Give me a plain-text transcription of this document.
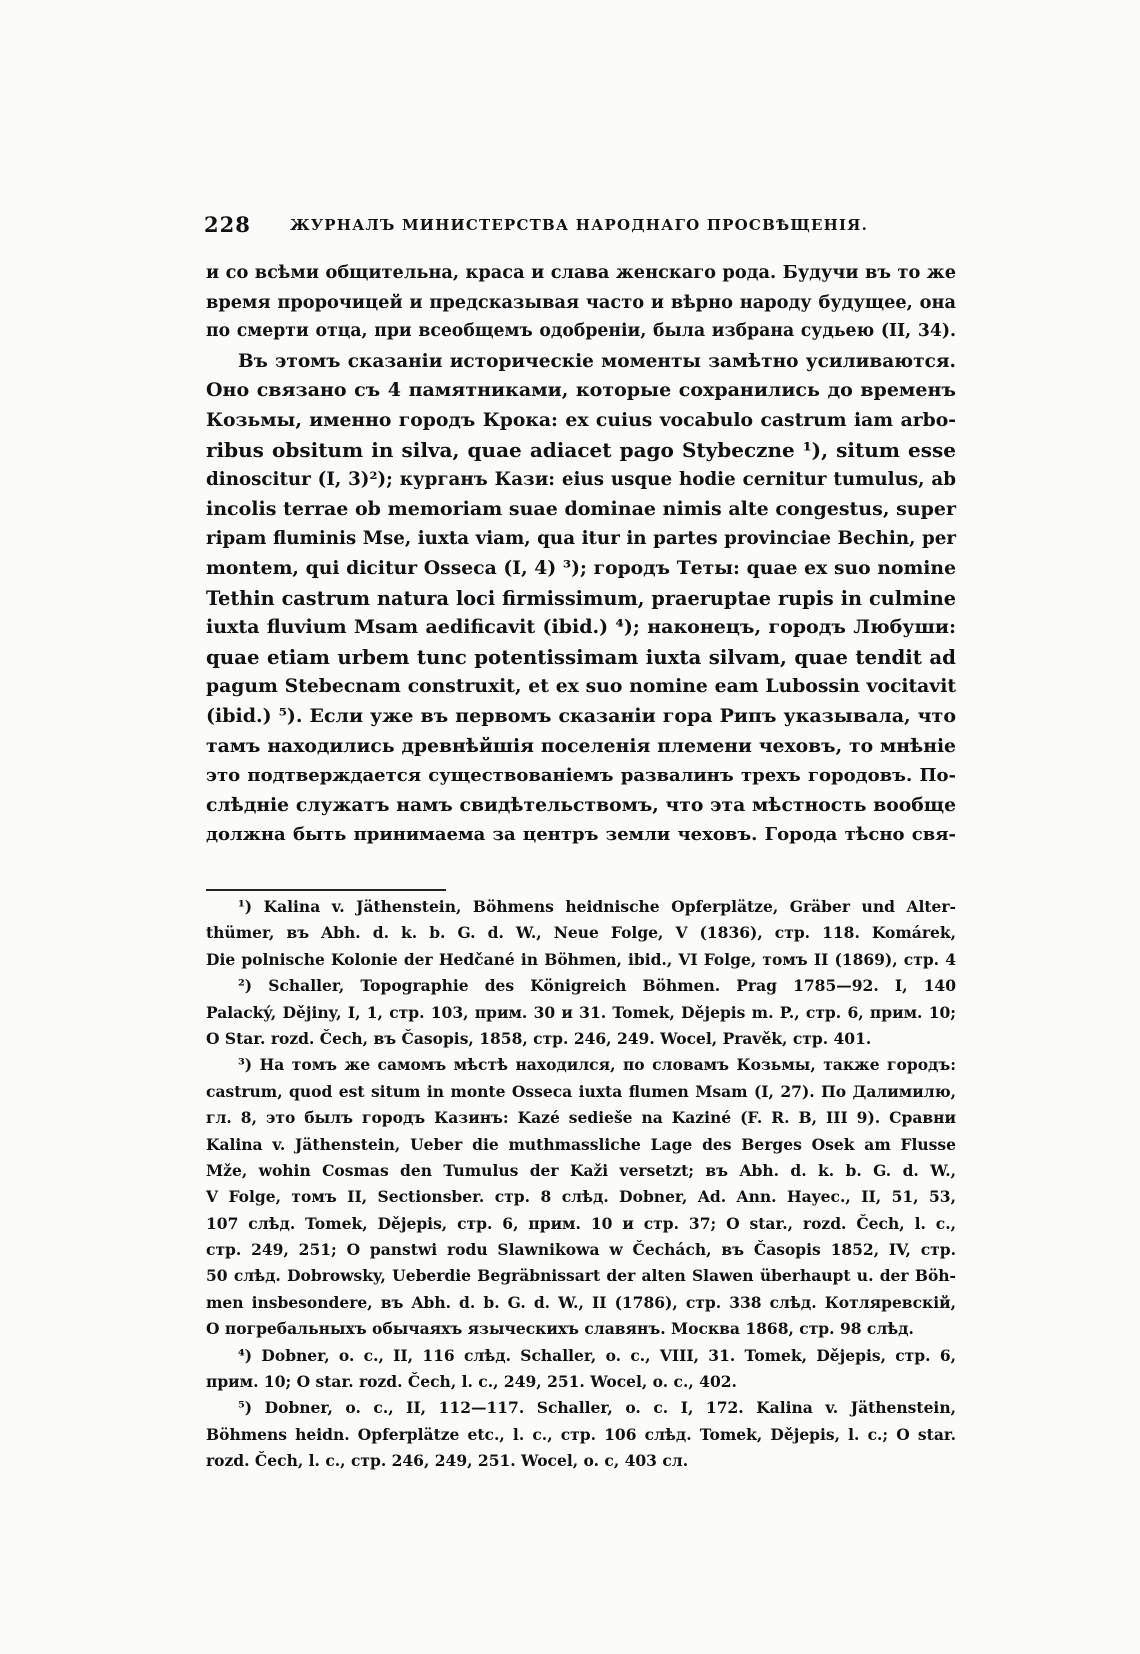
228	ЖУРНАЛЪ МИНИСТЕРСТВА НАРОДНАГО ПРОСВѢЩЕНІЯ.
и со всѣми общительна, краса и слава женскаго рода. Будучи въ то же
время пророчицей и предсказывая часто и вѣрно народу будущее, она
по смерти отца, при всеобщемъ одобреніи, была избрана судьею (II, 34).
Въ этомъ сказаніи историческіе моменты замѣтно усиливаются.
Оно связано съ 4 памятниками, которые сохранились до временъ
Козьмы, именно городъ Крока: ex cuius vocabulo castrum iam arbo-
ribus obsitum in silva, quae adiacet pago Stybeczne ¹), situm esse
dinoscitur (I, 3)²); курганъ Кази: eius usque hodie cernitur tumulus, ab
incolis terrae ob memoriam suae dominae nimis alte congestus, super
ripam fluminis Mse, iuxta viam, qua itur in partes provinciae Bechin, per
montem, qui dicitur Osseca (I, 4) ³); городъ Теты: quae ex suo nomine
Tethin castrum natura loci firmissimum, praeruptae rupis in culmine
iuxta fluvium Msam aedificavit (ibid.) ⁴); наконецъ, городъ Любуши:
quae etiam urbem tunc potentissimam iuxta silvam, quae tendit ad
pagum Stebecnam construxit, et ex suo nomine eam Lubossin vocitavit
(ibid.) ⁵). Если уже въ первомъ сказаніи гора Рипъ указывала, что
тамъ находились древнѣйшія поселенія племени чеховъ, то мнѣніе
это подтверждается существованіемъ развалинъ трехъ городовъ. По-
слѣдніе служатъ намъ свидѣтельствомъ, что эта мѣстность вообще
должна быть принимаема за центръ земли чеховъ. Города тѣсно свя-
¹) Kalina v. Jäthenstein, Böhmens heidnische Opferplätze, Gräber und Alter-
thümer, въ Abh. d. k. b. G. d. W., Neue Folge, V (1836), стр. 118. Komárek,
Die polnische Kolonie der Hedčané in Böhmen, ibid., VI Folge, томъ II (1869), стр. 4
²) Schaller, Topographie des Königreich Böhmen. Prag 1785—92. I, 140
Palacký, Dějiny, I, 1, стр. 103, прим. 30 и 31. Tomek, Dějepis m. P., стр. 6, прим. 10;
O Star. rozd. Čech, въ Časopis, 1858, стр. 246, 249. Wocel, Pravěk, стр. 401.
³) На томъ же самомъ мѣстѣ находился, по словамъ Козьмы, также городъ:
castrum, quod est situm in monte Osseca iuxta flumen Msam (I, 27). По Далимилю,
гл. 8, это былъ городъ Казинъ: Kazé sedieše na Kaziné (F. R. B, III 9). Сравни
Kalina v. Jäthenstein, Ueber die muthmassliche Lage des Berges Osek am Flusse
Mže, wohin Cosmas den Tumulus der Kaži versetzt; въ Abh. d. k. b. G. d. W.,
V Folge, томъ II, Sectionsber. стр. 8 слѣд. Dobner, Ad. Ann. Hayec., II, 51, 53,
107 слѣд. Tomek, Dějepis, стр. 6, прим. 10 и стр. 37; O star., rozd. Čech, l. c.,
стр. 249, 251; O panstwi rodu Slawnikowa w Čechách, въ Časopis 1852, IV, стр.
50 слѣд. Dobrowsky, Ueberdie Begräbnissart der alten Slawen überhaupt u. der Böh-
men insbesondere, въ Abh. d. b. G. d. W., II (1786), стр. 338 слѣд. Котляревскій,
О погребальныхъ обычаяхъ языческихъ славянъ. Москва 1868, стр. 98 слѣд.
⁴) Dobner, o. c., II, 116 слѣд. Schaller, o. c., VIII, 31. Tomek, Dějepis, стр. 6,
прим. 10; O star. rozd. Čech, l. c., 249, 251. Wocel, o. c., 402.
⁵) Dobner, o. c., II, 112—117. Schaller, o. c. I, 172. Kalina v. Jäthenstein,
Böhmens heidn. Opferplätze etc., l. c., стр. 106 слѣд. Tomek, Dějepis, l. c.; O star.
rozd. Čech, l. c., стр. 246, 249, 251. Wocel, o. c, 403 сл.
